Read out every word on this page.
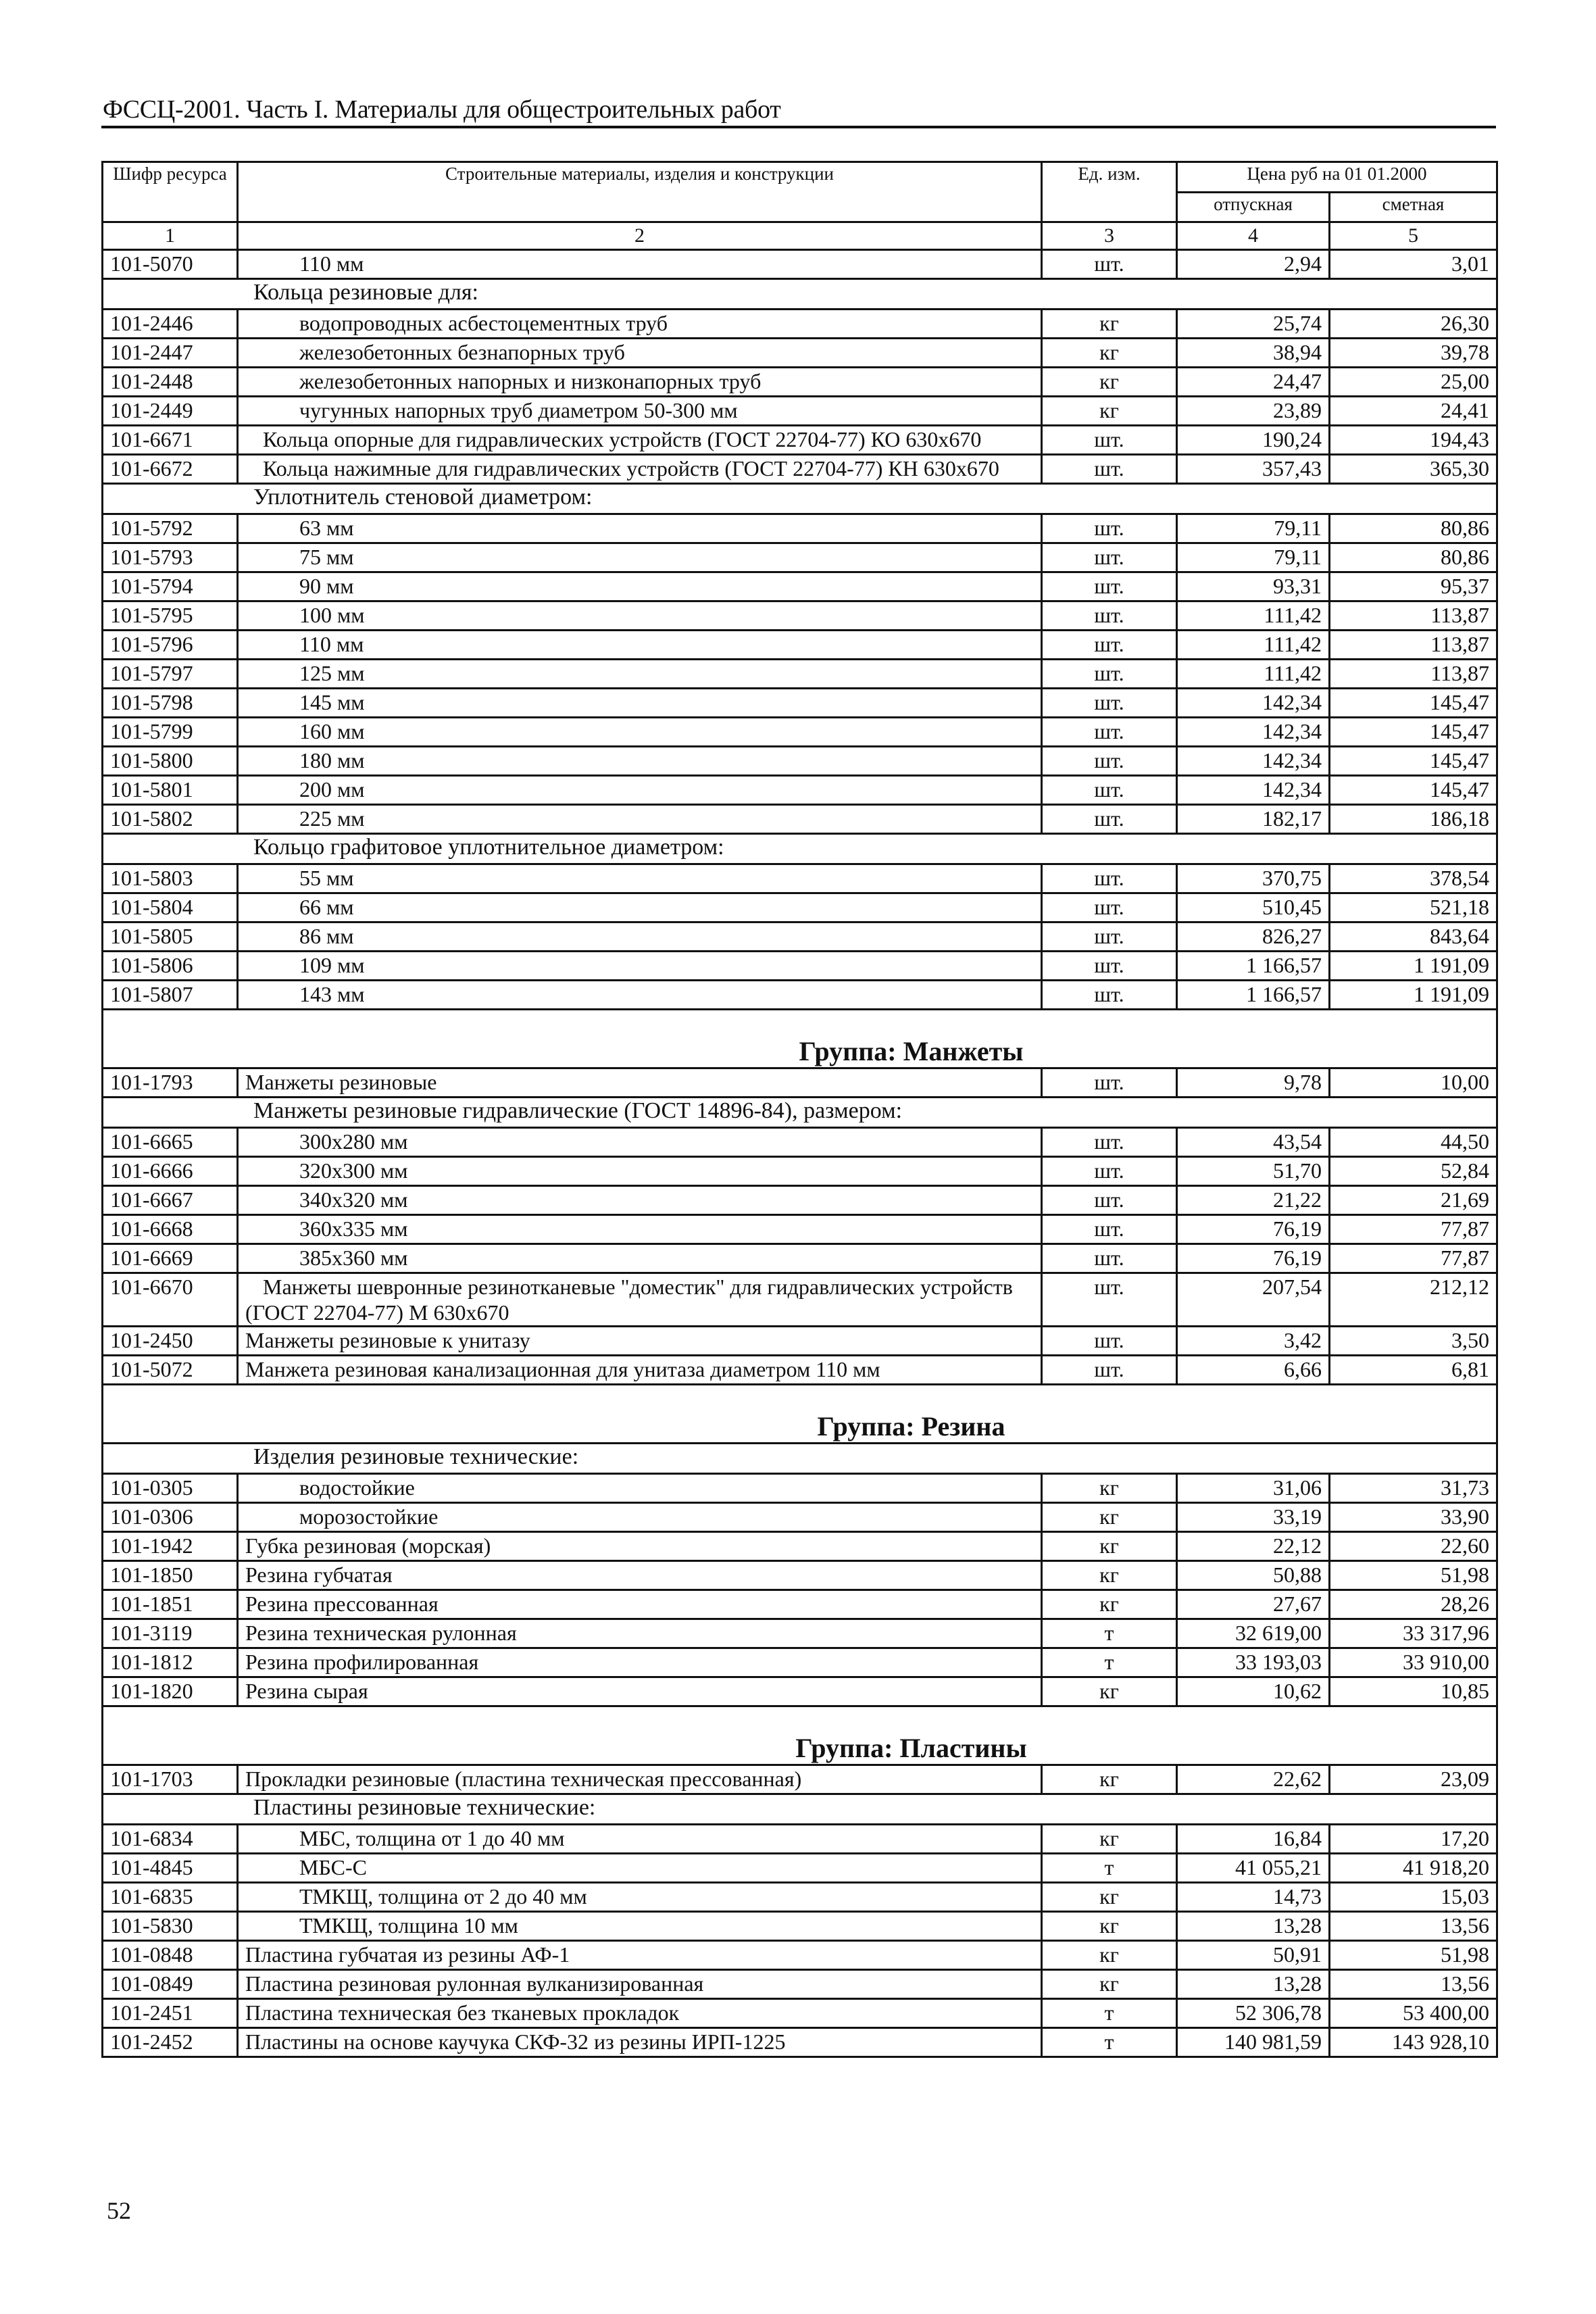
ФССЦ-2001. Часть I. Материалы для общестроительных работ
Шифр ресурса	Строительные материалы, изделия и конструкции	Ед. изм.	Цена руб на 01 01.2000	
			отпускная	сметная
1	2	3	4	5
101-5070	110 мм	шт.	2,94	3,01
Кольца резиновые для:				
101-2446	водопроводных асбестоцементных труб	кг	25,74	26,30
101-2447	железобетонных безнапорных труб	кг	38,94	39,78
101-2448	железобетонных напорных и низконапорных труб	кг	24,47	25,00
101-2449	чугунных напорных труб диаметром 50-300 мм	кг	23,89	24,41
101-6671	Кольца опорные для гидравлических устройств (ГОСТ 22704-77) КО 630х670	шт.	190,24	194,43
101-6672	Кольца нажимные для гидравлических устройств (ГОСТ 22704-77) КН 630х670	шт.	357,43	365,30
Уплотнитель стеновой диаметром:				
101-5792	63 мм	шт.	79,11	80,86
101-5793	75 мм	шт.	79,11	80,86
101-5794	90 мм	шт.	93,31	95,37
101-5795	100 мм	шт.	111,42	113,87
101-5796	110 мм	шт.	111,42	113,87
101-5797	125 мм	шт.	111,42	113,87
101-5798	145 мм	шт.	142,34	145,47
101-5799	160 мм	шт.	142,34	145,47
101-5800	180 мм	шт.	142,34	145,47
101-5801	200 мм	шт.	142,34	145,47
101-5802	225 мм	шт.	182,17	186,18
Кольцо графитовое уплотнительное диаметром:				
101-5803	55 мм	шт.	370,75	378,54
101-5804	66 мм	шт.	510,45	521,18
101-5805	86 мм	шт.	826,27	843,64
101-5806	109 мм	шт.	1 166,57	1 191,09
101-5807	143 мм	шт.	1 166,57	1 191,09
Группа: Манжеты				
101-1793	Манжеты резиновые	шт.	9,78	10,00
Манжеты резиновые гидравлические (ГОСТ 14896-84), размером:				
101-6665	300х280 мм	шт.	43,54	44,50
101-6666	320х300 мм	шт.	51,70	52,84
101-6667	340х320 мм	шт.	21,22	21,69
101-6668	360х335 мм	шт.	76,19	77,87
101-6669	385х360 мм	шт.	76,19	77,87
101-6670	Манжеты шевронные резинотканевые "доместик" для гидравлических устройств (ГОСТ 22704-77) М 630х670	шт.	207,54	212,12
101-2450	Манжеты резиновые к унитазу	шт.	3,42	3,50
101-5072	Манжета резиновая канализационная для унитаза диаметром 110 мм	шт.	6,66	6,81
Группа: Резина				
Изделия резиновые технические:				
101-0305	водостойкие	кг	31,06	31,73
101-0306	морозостойкие	кг	33,19	33,90
101-1942	Губка резиновая (морская)	кг	22,12	22,60
101-1850	Резина губчатая	кг	50,88	51,98
101-1851	Резина прессованная	кг	27,67	28,26
101-3119	Резина техническая рулонная	т	32 619,00	33 317,96
101-1812	Резина профилированная	т	33 193,03	33 910,00
101-1820	Резина сырая	кг	10,62	10,85
Группа: Пластины				
101-1703	Прокладки резиновые (пластина техническая прессованная)	кг	22,62	23,09
Пластины резиновые технические:				
101-6834	МБС, толщина от 1 до 40 мм	кг	16,84	17,20
101-4845	МБС-С	т	41 055,21	41 918,20
101-6835	ТМКЩ, толщина от 2 до 40 мм	кг	14,73	15,03
101-5830	ТМКЩ, толщина 10 мм	кг	13,28	13,56
101-0848	Пластина губчатая из резины АФ-1	кг	50,91	51,98
101-0849	Пластина резиновая рулонная вулканизированная	кг	13,28	13,56
101-2451	Пластина техническая без тканевых прокладок	т	52 306,78	53 400,00
101-2452	Пластины на основе каучука СКФ-32 из резины ИРП-1225	т	140 981,59	143 928,10
52
